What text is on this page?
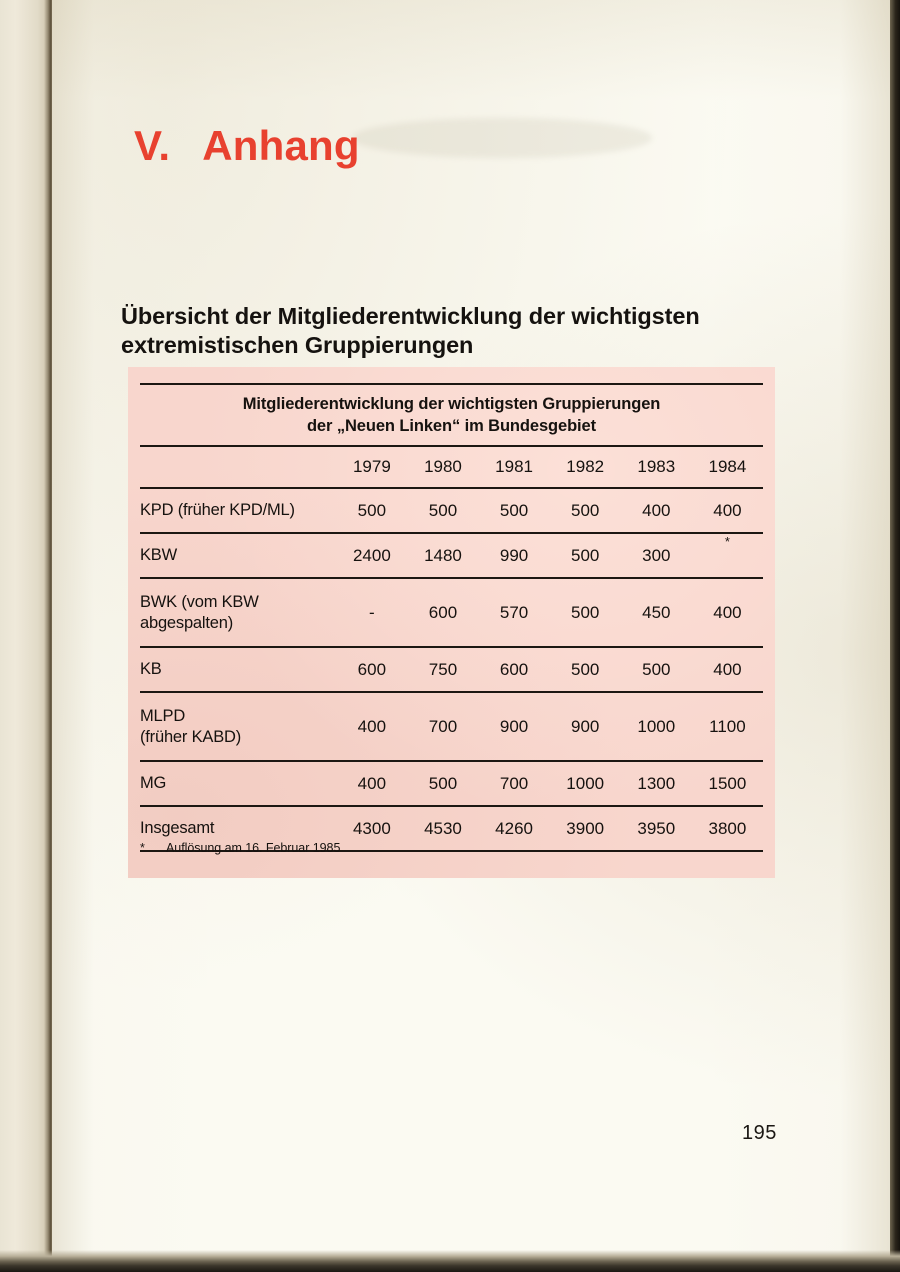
V. Anhang
Übersicht der Mitgliederentwicklung der wichtigsten extremistischen Gruppierungen

Mitgliederentwicklung der wichtigsten Gruppierungen
der „Neuen Linken“ im Bundesgebiet						

	1979	1980	1981	1982	1983	1984

KPD (früher KPD/ML)	500	500	500	500	400	400

KBW	2400	1480	990	500	300	*

BWK (vom KBW
abgespalten)	-	600	570	500	450	400

KB	600	750	600	500	500	400

MLPD
(früher KABD)	400	700	900	900	1000	1100

MG	400	500	700	1000	1300	1500

Insgesamt	4300	4530	4260	3900	3950	3800

* Auflösung am 16. Februar 1985
195
